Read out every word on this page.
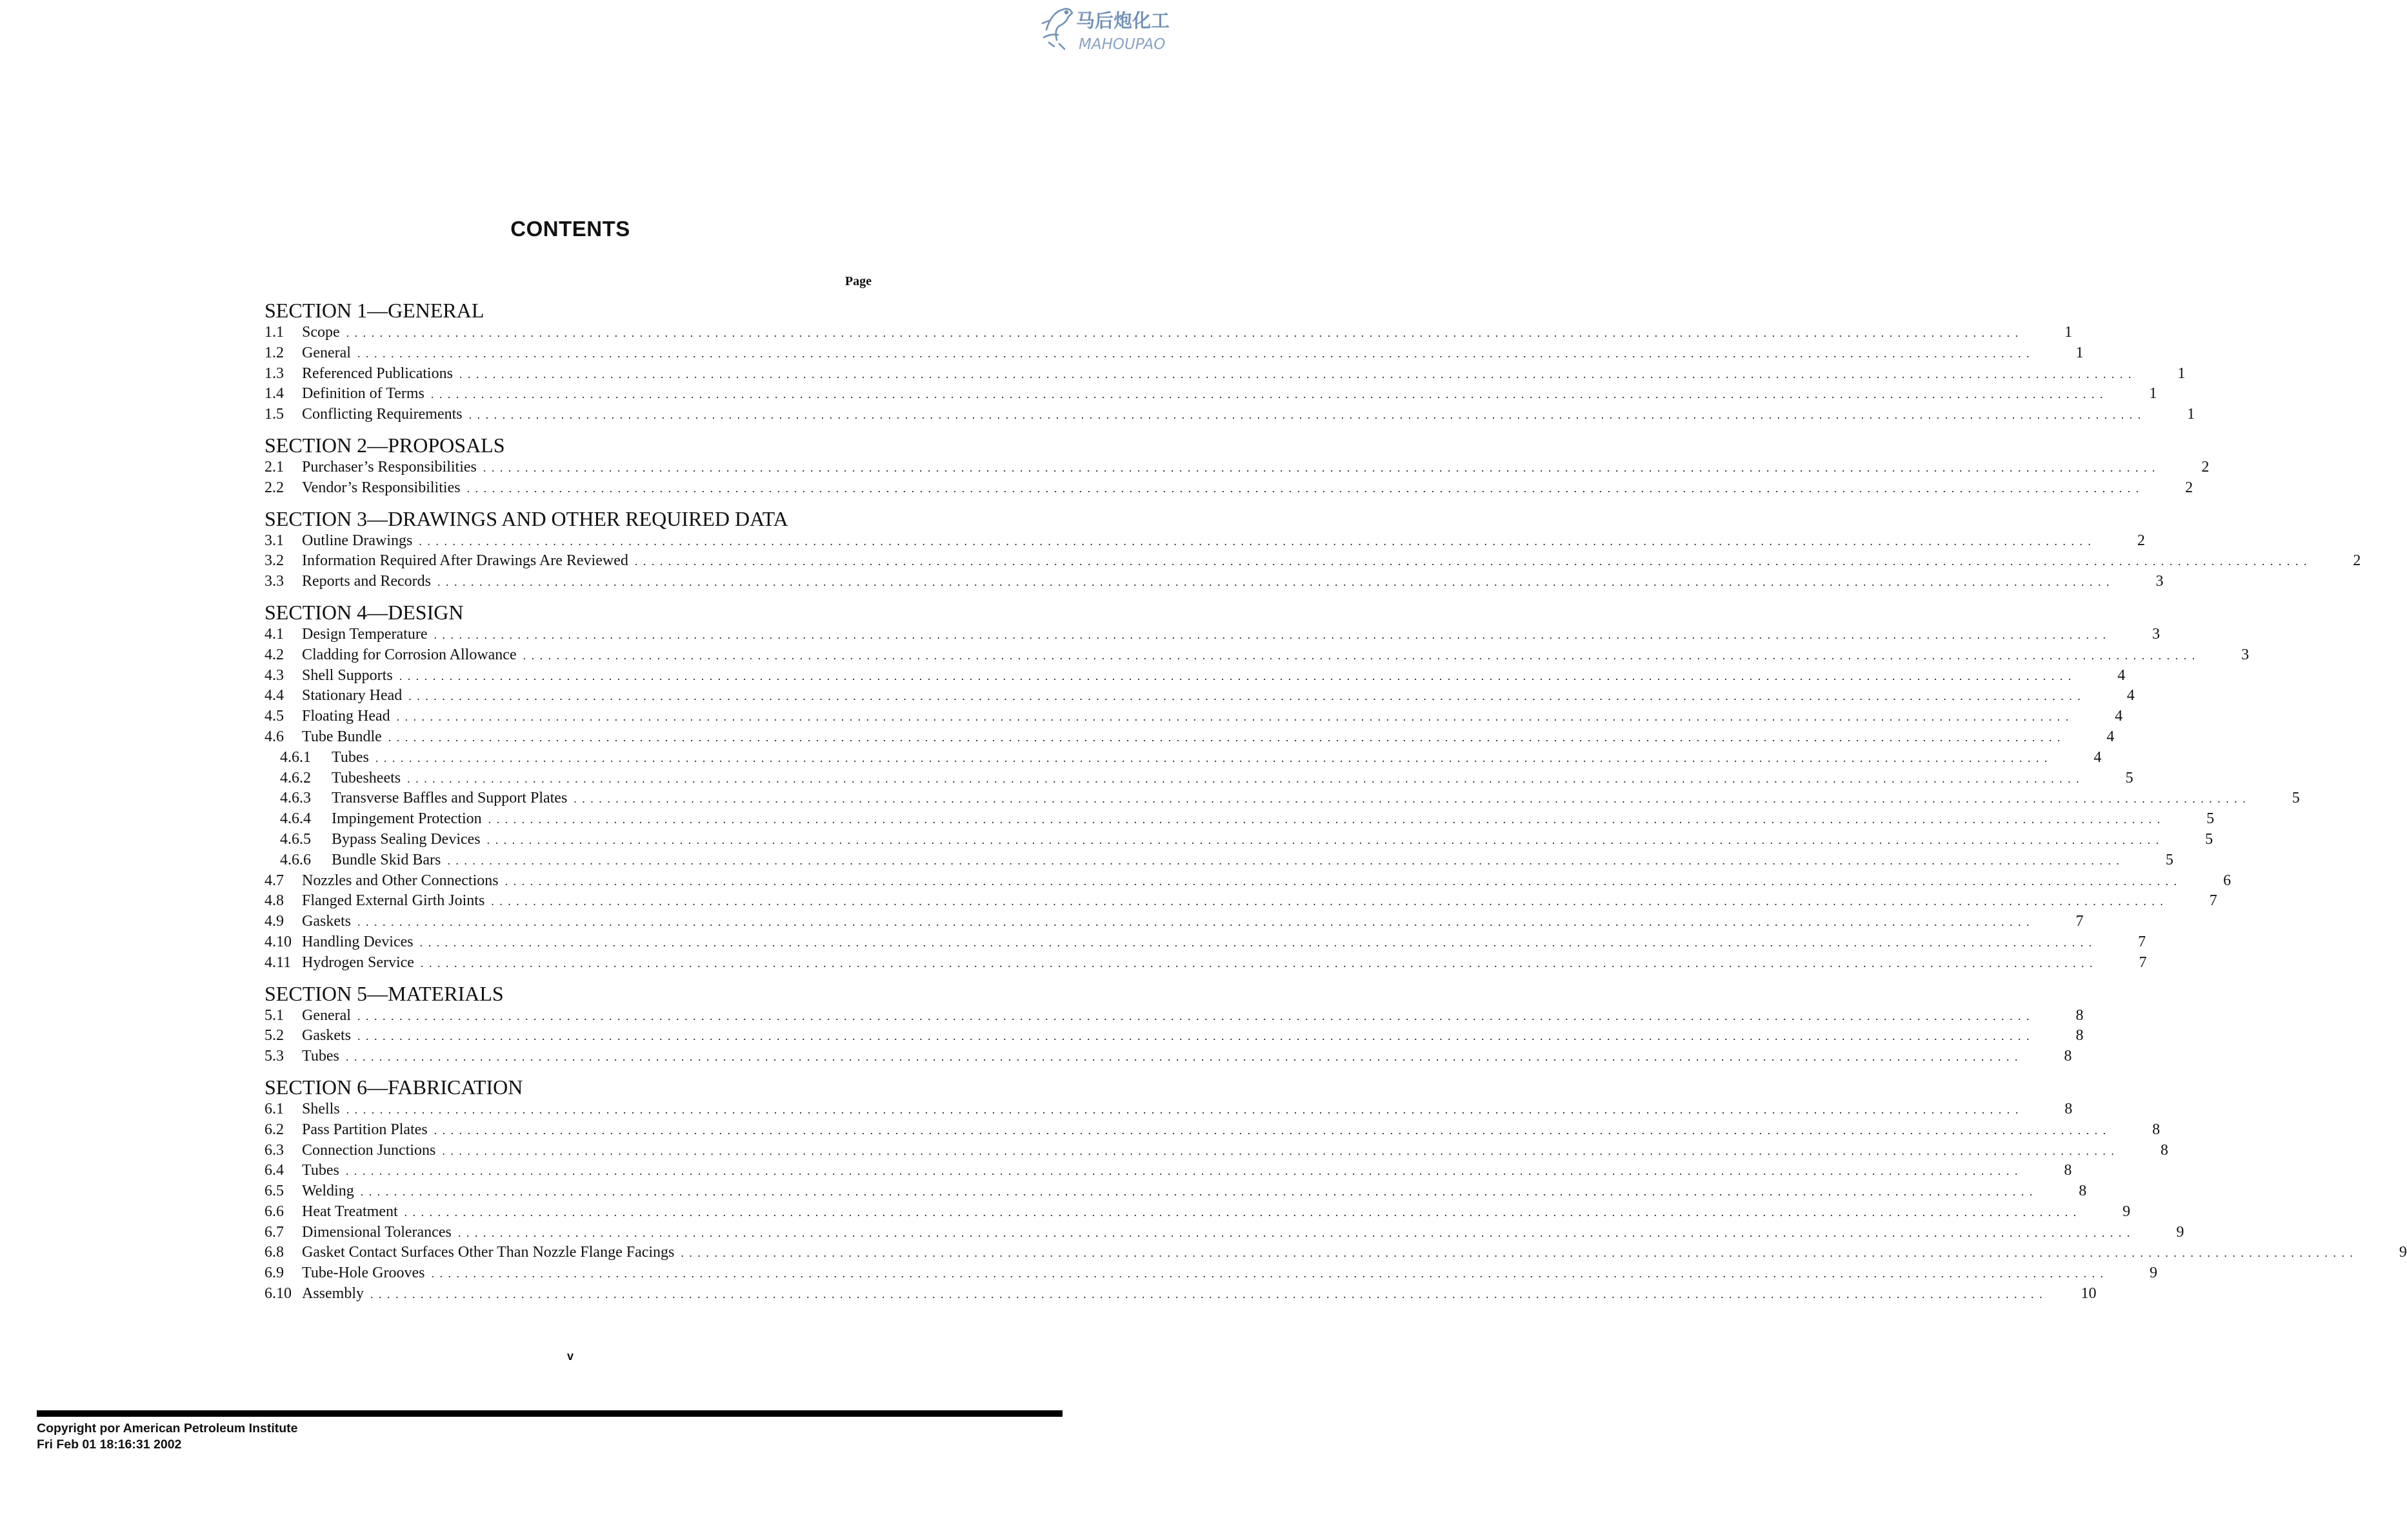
马后炮化工
MAHOUPAO
CONTENTS
Page
SECTION 1—GENERAL
1.1	Scope . . . . . . . . . . . . . . . . . . . . . . . . . . . . . . . . . . . . . . . . . . . . . . . . . . . . . . . . . . . . . . . . . . . . . . . . . . . . . . . . . . . . . . . . . . . . . . . . . . . . . . . . . . . . . . . . . . . . . . . . . . . . . . . . . . . . . . . . . . . . . . . . . . . . . . . . . . . . . . . . . . . . . . . . . . . . . . . . . . . . . . . . . . . . . . . . . . . . . . . .	1
1.2	General . . . . . . . . . . . . . . . . . . . . . . . . . . . . . . . . . . . . . . . . . . . . . . . . . . . . . . . . . . . . . . . . . . . . . . . . . . . . . . . . . . . . . . . . . . . . . . . . . . . . . . . . . . . . . . . . . . . . . . . . . . . . . . . . . . . . . . . . . . . . . . . . . . . . . . . . . . . . . . . . . . . . . . . . . . . . . . . . . . . . . . . . . . . . . . . . . . . . . . . .	1
1.3	Referenced Publications . . . . . . . . . . . . . . . . . . . . . . . . . . . . . . . . . . . . . . . . . . . . . . . . . . . . . . . . . . . . . . . . . . . . . . . . . . . . . . . . . . . . . . . . . . . . . . . . . . . . . . . . . . . . . . . . . . . . . . . . . . . . . . . . . . . . . . . . . . . . . . . . . . . . . . . . . . . . . . . . . . . . . . . . . . . . . . . . . . . . . . . . . . . . . . . . . . . . . . . .	1
1.4	Definition of Terms . . . . . . . . . . . . . . . . . . . . . . . . . . . . . . . . . . . . . . . . . . . . . . . . . . . . . . . . . . . . . . . . . . . . . . . . . . . . . . . . . . . . . . . . . . . . . . . . . . . . . . . . . . . . . . . . . . . . . . . . . . . . . . . . . . . . . . . . . . . . . . . . . . . . . . . . . . . . . . . . . . . . . . . . . . . . . . . . . . . . . . . . . . . . . . . . . . . . . . . .	1
1.5	Conflicting Requirements . . . . . . . . . . . . . . . . . . . . . . . . . . . . . . . . . . . . . . . . . . . . . . . . . . . . . . . . . . . . . . . . . . . . . . . . . . . . . . . . . . . . . . . . . . . . . . . . . . . . . . . . . . . . . . . . . . . . . . . . . . . . . . . . . . . . . . . . . . . . . . . . . . . . . . . . . . . . . . . . . . . . . . . . . . . . . . . . . . . . . . . . . . . . . . . . . . . . . . . .	1
SECTION 2—PROPOSALS
2.1	Purchaser’s Responsibilities . . . . . . . . . . . . . . . . . . . . . . . . . . . . . . . . . . . . . . . . . . . . . . . . . . . . . . . . . . . . . . . . . . . . . . . . . . . . . . . . . . . . . . . . . . . . . . . . . . . . . . . . . . . . . . . . . . . . . . . . . . . . . . . . . . . . . . . . . . . . . . . . . . . . . . . . . . . . . . . . . . . . . . . . . . . . . . . . . . . . . . . . . . . . . . . . . . . . . . . .	2
2.2	Vendor’s Responsibilities . . . . . . . . . . . . . . . . . . . . . . . . . . . . . . . . . . . . . . . . . . . . . . . . . . . . . . . . . . . . . . . . . . . . . . . . . . . . . . . . . . . . . . . . . . . . . . . . . . . . . . . . . . . . . . . . . . . . . . . . . . . . . . . . . . . . . . . . . . . . . . . . . . . . . . . . . . . . . . . . . . . . . . . . . . . . . . . . . . . . . . . . . . . . . . . . . . . . . . . .	2
SECTION 3—DRAWINGS AND OTHER REQUIRED DATA
3.1	Outline Drawings . . . . . . . . . . . . . . . . . . . . . . . . . . . . . . . . . . . . . . . . . . . . . . . . . . . . . . . . . . . . . . . . . . . . . . . . . . . . . . . . . . . . . . . . . . . . . . . . . . . . . . . . . . . . . . . . . . . . . . . . . . . . . . . . . . . . . . . . . . . . . . . . . . . . . . . . . . . . . . . . . . . . . . . . . . . . . . . . . . . . . . . . . . . . . . . . . . . . . . . .	2
3.2	Information Required After Drawings Are Reviewed . . . . . . . . . . . . . . . . . . . . . . . . . . . . . . . . . . . . . . . . . . . . . . . . . . . . . . . . . . . . . . . . . . . . . . . . . . . . . . . . . . . . . . . . . . . . . . . . . . . . . . . . . . . . . . . . . . . . . . . . . . . . . . . . . . . . . . . . . . . . . . . . . . . . . . . . . . . . . . . . . . . . . . . . . . . . . . . . . . . . . . . . . . . . . . . . . . . . . . . .	2
3.3	Reports and Records . . . . . . . . . . . . . . . . . . . . . . . . . . . . . . . . . . . . . . . . . . . . . . . . . . . . . . . . . . . . . . . . . . . . . . . . . . . . . . . . . . . . . . . . . . . . . . . . . . . . . . . . . . . . . . . . . . . . . . . . . . . . . . . . . . . . . . . . . . . . . . . . . . . . . . . . . . . . . . . . . . . . . . . . . . . . . . . . . . . . . . . . . . . . . . . . . . . . . . . .	3
SECTION 4—DESIGN
4.1	Design Temperature . . . . . . . . . . . . . . . . . . . . . . . . . . . . . . . . . . . . . . . . . . . . . . . . . . . . . . . . . . . . . . . . . . . . . . . . . . . . . . . . . . . . . . . . . . . . . . . . . . . . . . . . . . . . . . . . . . . . . . . . . . . . . . . . . . . . . . . . . . . . . . . . . . . . . . . . . . . . . . . . . . . . . . . . . . . . . . . . . . . . . . . . . . . . . . . . . . . . . . . .	3
4.2	Cladding for Corrosion Allowance . . . . . . . . . . . . . . . . . . . . . . . . . . . . . . . . . . . . . . . . . . . . . . . . . . . . . . . . . . . . . . . . . . . . . . . . . . . . . . . . . . . . . . . . . . . . . . . . . . . . . . . . . . . . . . . . . . . . . . . . . . . . . . . . . . . . . . . . . . . . . . . . . . . . . . . . . . . . . . . . . . . . . . . . . . . . . . . . . . . . . . . . . . . . . . . . . . . . . . . .	3
4.3	Shell Supports . . . . . . . . . . . . . . . . . . . . . . . . . . . . . . . . . . . . . . . . . . . . . . . . . . . . . . . . . . . . . . . . . . . . . . . . . . . . . . . . . . . . . . . . . . . . . . . . . . . . . . . . . . . . . . . . . . . . . . . . . . . . . . . . . . . . . . . . . . . . . . . . . . . . . . . . . . . . . . . . . . . . . . . . . . . . . . . . . . . . . . . . . . . . . . . . . . . . . . . .	4
4.4	Stationary Head . . . . . . . . . . . . . . . . . . . . . . . . . . . . . . . . . . . . . . . . . . . . . . . . . . . . . . . . . . . . . . . . . . . . . . . . . . . . . . . . . . . . . . . . . . . . . . . . . . . . . . . . . . . . . . . . . . . . . . . . . . . . . . . . . . . . . . . . . . . . . . . . . . . . . . . . . . . . . . . . . . . . . . . . . . . . . . . . . . . . . . . . . . . . . . . . . . . . . . . .	4
4.5	Floating Head . . . . . . . . . . . . . . . . . . . . . . . . . . . . . . . . . . . . . . . . . . . . . . . . . . . . . . . . . . . . . . . . . . . . . . . . . . . . . . . . . . . . . . . . . . . . . . . . . . . . . . . . . . . . . . . . . . . . . . . . . . . . . . . . . . . . . . . . . . . . . . . . . . . . . . . . . . . . . . . . . . . . . . . . . . . . . . . . . . . . . . . . . . . . . . . . . . . . . . . .	4
4.6	Tube Bundle . . . . . . . . . . . . . . . . . . . . . . . . . . . . . . . . . . . . . . . . . . . . . . . . . . . . . . . . . . . . . . . . . . . . . . . . . . . . . . . . . . . . . . . . . . . . . . . . . . . . . . . . . . . . . . . . . . . . . . . . . . . . . . . . . . . . . . . . . . . . . . . . . . . . . . . . . . . . . . . . . . . . . . . . . . . . . . . . . . . . . . . . . . . . . . . . . . . . . . . .	4
4.6.1	Tubes . . . . . . . . . . . . . . . . . . . . . . . . . . . . . . . . . . . . . . . . . . . . . . . . . . . . . . . . . . . . . . . . . . . . . . . . . . . . . . . . . . . . . . . . . . . . . . . . . . . . . . . . . . . . . . . . . . . . . . . . . . . . . . . . . . . . . . . . . . . . . . . . . . . . . . . . . . . . . . . . . . . . . . . . . . . . . . . . . . . . . . . . . . . . . . . . . . . . . . . .	4
4.6.2	Tubesheets . . . . . . . . . . . . . . . . . . . . . . . . . . . . . . . . . . . . . . . . . . . . . . . . . . . . . . . . . . . . . . . . . . . . . . . . . . . . . . . . . . . . . . . . . . . . . . . . . . . . . . . . . . . . . . . . . . . . . . . . . . . . . . . . . . . . . . . . . . . . . . . . . . . . . . . . . . . . . . . . . . . . . . . . . . . . . . . . . . . . . . . . . . . . . . . . . . . . . . . .	5
4.6.3	Transverse Baffles and Support Plates . . . . . . . . . . . . . . . . . . . . . . . . . . . . . . . . . . . . . . . . . . . . . . . . . . . . . . . . . . . . . . . . . . . . . . . . . . . . . . . . . . . . . . . . . . . . . . . . . . . . . . . . . . . . . . . . . . . . . . . . . . . . . . . . . . . . . . . . . . . . . . . . . . . . . . . . . . . . . . . . . . . . . . . . . . . . . . . . . . . . . . . . . . . . . . . . . . . . . . . .	5
4.6.4	Impingement Protection . . . . . . . . . . . . . . . . . . . . . . . . . . . . . . . . . . . . . . . . . . . . . . . . . . . . . . . . . . . . . . . . . . . . . . . . . . . . . . . . . . . . . . . . . . . . . . . . . . . . . . . . . . . . . . . . . . . . . . . . . . . . . . . . . . . . . . . . . . . . . . . . . . . . . . . . . . . . . . . . . . . . . . . . . . . . . . . . . . . . . . . . . . . . . . . . . . . . . . . .	5
4.6.5	Bypass Sealing Devices . . . . . . . . . . . . . . . . . . . . . . . . . . . . . . . . . . . . . . . . . . . . . . . . . . . . . . . . . . . . . . . . . . . . . . . . . . . . . . . . . . . . . . . . . . . . . . . . . . . . . . . . . . . . . . . . . . . . . . . . . . . . . . . . . . . . . . . . . . . . . . . . . . . . . . . . . . . . . . . . . . . . . . . . . . . . . . . . . . . . . . . . . . . . . . . . . . . . . . . .	5
4.6.6	Bundle Skid Bars . . . . . . . . . . . . . . . . . . . . . . . . . . . . . . . . . . . . . . . . . . . . . . . . . . . . . . . . . . . . . . . . . . . . . . . . . . . . . . . . . . . . . . . . . . . . . . . . . . . . . . . . . . . . . . . . . . . . . . . . . . . . . . . . . . . . . . . . . . . . . . . . . . . . . . . . . . . . . . . . . . . . . . . . . . . . . . . . . . . . . . . . . . . . . . . . . . . . . . . .	5
4.7	Nozzles and Other Connections . . . . . . . . . . . . . . . . . . . . . . . . . . . . . . . . . . . . . . . . . . . . . . . . . . . . . . . . . . . . . . . . . . . . . . . . . . . . . . . . . . . . . . . . . . . . . . . . . . . . . . . . . . . . . . . . . . . . . . . . . . . . . . . . . . . . . . . . . . . . . . . . . . . . . . . . . . . . . . . . . . . . . . . . . . . . . . . . . . . . . . . . . . . . . . . . . . . . . . . .	6
4.8	Flanged External Girth Joints . . . . . . . . . . . . . . . . . . . . . . . . . . . . . . . . . . . . . . . . . . . . . . . . . . . . . . . . . . . . . . . . . . . . . . . . . . . . . . . . . . . . . . . . . . . . . . . . . . . . . . . . . . . . . . . . . . . . . . . . . . . . . . . . . . . . . . . . . . . . . . . . . . . . . . . . . . . . . . . . . . . . . . . . . . . . . . . . . . . . . . . . . . . . . . . . . . . . . . . .	7
4.9	Gaskets . . . . . . . . . . . . . . . . . . . . . . . . . . . . . . . . . . . . . . . . . . . . . . . . . . . . . . . . . . . . . . . . . . . . . . . . . . . . . . . . . . . . . . . . . . . . . . . . . . . . . . . . . . . . . . . . . . . . . . . . . . . . . . . . . . . . . . . . . . . . . . . . . . . . . . . . . . . . . . . . . . . . . . . . . . . . . . . . . . . . . . . . . . . . . . . . . . . . . . . .	7
4.10 Handling Devices . . . . . . . . . . . . . . . . . . . . . . . . . . . . . . . . . . . . . . . . . . . . . . . . . . . . . . . . . . . . . . . . . . . . . . . . . . . . . . . . . . . . . . . . . . . . . . . . . . . . . . . . . . . . . . . . . . . . . . . . . . . . . . . . . . . . . . . . . . . . . . . . . . . . . . . . . . . . . . . . . . . . . . . . . . . . . . . . . . . . . . . . . . . . . . . . . . . . . . . .	7
4.11 Hydrogen Service . . . . . . . . . . . . . . . . . . . . . . . . . . . . . . . . . . . . . . . . . . . . . . . . . . . . . . . . . . . . . . . . . . . . . . . . . . . . . . . . . . . . . . . . . . . . . . . . . . . . . . . . . . . . . . . . . . . . . . . . . . . . . . . . . . . . . . . . . . . . . . . . . . . . . . . . . . . . . . . . . . . . . . . . . . . . . . . . . . . . . . . . . . . . . . . . . . . . . . . .	7
SECTION 5—MATERIALS
5.1	General . . . . . . . . . . . . . . . . . . . . . . . . . . . . . . . . . . . . . . . . . . . . . . . . . . . . . . . . . . . . . . . . . . . . . . . . . . . . . . . . . . . . . . . . . . . . . . . . . . . . . . . . . . . . . . . . . . . . . . . . . . . . . . . . . . . . . . . . . . . . . . . . . . . . . . . . . . . . . . . . . . . . . . . . . . . . . . . . . . . . . . . . . . . . . . . . . . . . . . . .	8
5.2	Gaskets . . . . . . . . . . . . . . . . . . . . . . . . . . . . . . . . . . . . . . . . . . . . . . . . . . . . . . . . . . . . . . . . . . . . . . . . . . . . . . . . . . . . . . . . . . . . . . . . . . . . . . . . . . . . . . . . . . . . . . . . . . . . . . . . . . . . . . . . . . . . . . . . . . . . . . . . . . . . . . . . . . . . . . . . . . . . . . . . . . . . . . . . . . . . . . . . . . . . . . . .	8
5.3	Tubes . . . . . . . . . . . . . . . . . . . . . . . . . . . . . . . . . . . . . . . . . . . . . . . . . . . . . . . . . . . . . . . . . . . . . . . . . . . . . . . . . . . . . . . . . . . . . . . . . . . . . . . . . . . . . . . . . . . . . . . . . . . . . . . . . . . . . . . . . . . . . . . . . . . . . . . . . . . . . . . . . . . . . . . . . . . . . . . . . . . . . . . . . . . . . . . . . . . . . . . .	8
SECTION 6—FABRICATION
6.1	Shells . . . . . . . . . . . . . . . . . . . . . . . . . . . . . . . . . . . . . . . . . . . . . . . . . . . . . . . . . . . . . . . . . . . . . . . . . . . . . . . . . . . . . . . . . . . . . . . . . . . . . . . . . . . . . . . . . . . . . . . . . . . . . . . . . . . . . . . . . . . . . . . . . . . . . . . . . . . . . . . . . . . . . . . . . . . . . . . . . . . . . . . . . . . . . . . . . . . . . . . .	8
6.2	Pass Partition Plates . . . . . . . . . . . . . . . . . . . . . . . . . . . . . . . . . . . . . . . . . . . . . . . . . . . . . . . . . . . . . . . . . . . . . . . . . . . . . . . . . . . . . . . . . . . . . . . . . . . . . . . . . . . . . . . . . . . . . . . . . . . . . . . . . . . . . . . . . . . . . . . . . . . . . . . . . . . . . . . . . . . . . . . . . . . . . . . . . . . . . . . . . . . . . . . . . . . . . . . .	8
6.3	Connection Junctions . . . . . . . . . . . . . . . . . . . . . . . . . . . . . . . . . . . . . . . . . . . . . . . . . . . . . . . . . . . . . . . . . . . . . . . . . . . . . . . . . . . . . . . . . . . . . . . . . . . . . . . . . . . . . . . . . . . . . . . . . . . . . . . . . . . . . . . . . . . . . . . . . . . . . . . . . . . . . . . . . . . . . . . . . . . . . . . . . . . . . . . . . . . . . . . . . . . . . . . .	8
6.4	Tubes . . . . . . . . . . . . . . . . . . . . . . . . . . . . . . . . . . . . . . . . . . . . . . . . . . . . . . . . . . . . . . . . . . . . . . . . . . . . . . . . . . . . . . . . . . . . . . . . . . . . . . . . . . . . . . . . . . . . . . . . . . . . . . . . . . . . . . . . . . . . . . . . . . . . . . . . . . . . . . . . . . . . . . . . . . . . . . . . . . . . . . . . . . . . . . . . . . . . . . . .	8
6.5	Welding . . . . . . . . . . . . . . . . . . . . . . . . . . . . . . . . . . . . . . . . . . . . . . . . . . . . . . . . . . . . . . . . . . . . . . . . . . . . . . . . . . . . . . . . . . . . . . . . . . . . . . . . . . . . . . . . . . . . . . . . . . . . . . . . . . . . . . . . . . . . . . . . . . . . . . . . . . . . . . . . . . . . . . . . . . . . . . . . . . . . . . . . . . . . . . . . . . . . . . . .	8
6.6	Heat Treatment . . . . . . . . . . . . . . . . . . . . . . . . . . . . . . . . . . . . . . . . . . . . . . . . . . . . . . . . . . . . . . . . . . . . . . . . . . . . . . . . . . . . . . . . . . . . . . . . . . . . . . . . . . . . . . . . . . . . . . . . . . . . . . . . . . . . . . . . . . . . . . . . . . . . . . . . . . . . . . . . . . . . . . . . . . . . . . . . . . . . . . . . . . . . . . . . . . . . . . . .	9
6.7	Dimensional Tolerances . . . . . . . . . . . . . . . . . . . . . . . . . . . . . . . . . . . . . . . . . . . . . . . . . . . . . . . . . . . . . . . . . . . . . . . . . . . . . . . . . . . . . . . . . . . . . . . . . . . . . . . . . . . . . . . . . . . . . . . . . . . . . . . . . . . . . . . . . . . . . . . . . . . . . . . . . . . . . . . . . . . . . . . . . . . . . . . . . . . . . . . . . . . . . . . . . . . . . . . .	9
6.8	Gasket Contact Surfaces Other Than Nozzle Flange Facings . . . . . . . . . . . . . . . . . . . . . . . . . . . . . . . . . . . . . . . . . . . . . . . . . . . . . . . . . . . . . . . . . . . . . . . . . . . . . . . . . . . . . . . . . . . . . . . . . . . . . . . . . . . . . . . . . . . . . . . . . . . . . . . . . . . . . . . . . . . . . . . . . . . . . . . . . . . . . . . . . . . . . . . . . . . . . . . . . . . . . . . . . . . . . . . . . . . . . . . .	9
6.9	Tube-Hole Grooves . . . . . . . . . . . . . . . . . . . . . . . . . . . . . . . . . . . . . . . . . . . . . . . . . . . . . . . . . . . . . . . . . . . . . . . . . . . . . . . . . . . . . . . . . . . . . . . . . . . . . . . . . . . . . . . . . . . . . . . . . . . . . . . . . . . . . . . . . . . . . . . . . . . . . . . . . . . . . . . . . . . . . . . . . . . . . . . . . . . . . . . . . . . . . . . . . . . . . . . .	9
6.10 Assembly . . . . . . . . . . . . . . . . . . . . . . . . . . . . . . . . . . . . . . . . . . . . . . . . . . . . . . . . . . . . . . . . . . . . . . . . . . . . . . . . . . . . . . . . . . . . . . . . . . . . . . . . . . . . . . . . . . . . . . . . . . . . . . . . . . . . . . . . . . . . . . . . . . . . . . . . . . . . . . . . . . . . . . . . . . . . . . . . . . . . . . . . . . . . . . . . . . . . . . . .	10
v
Copyright por American Petroleum Institute
Fri Feb 01 18:16:31 2002
